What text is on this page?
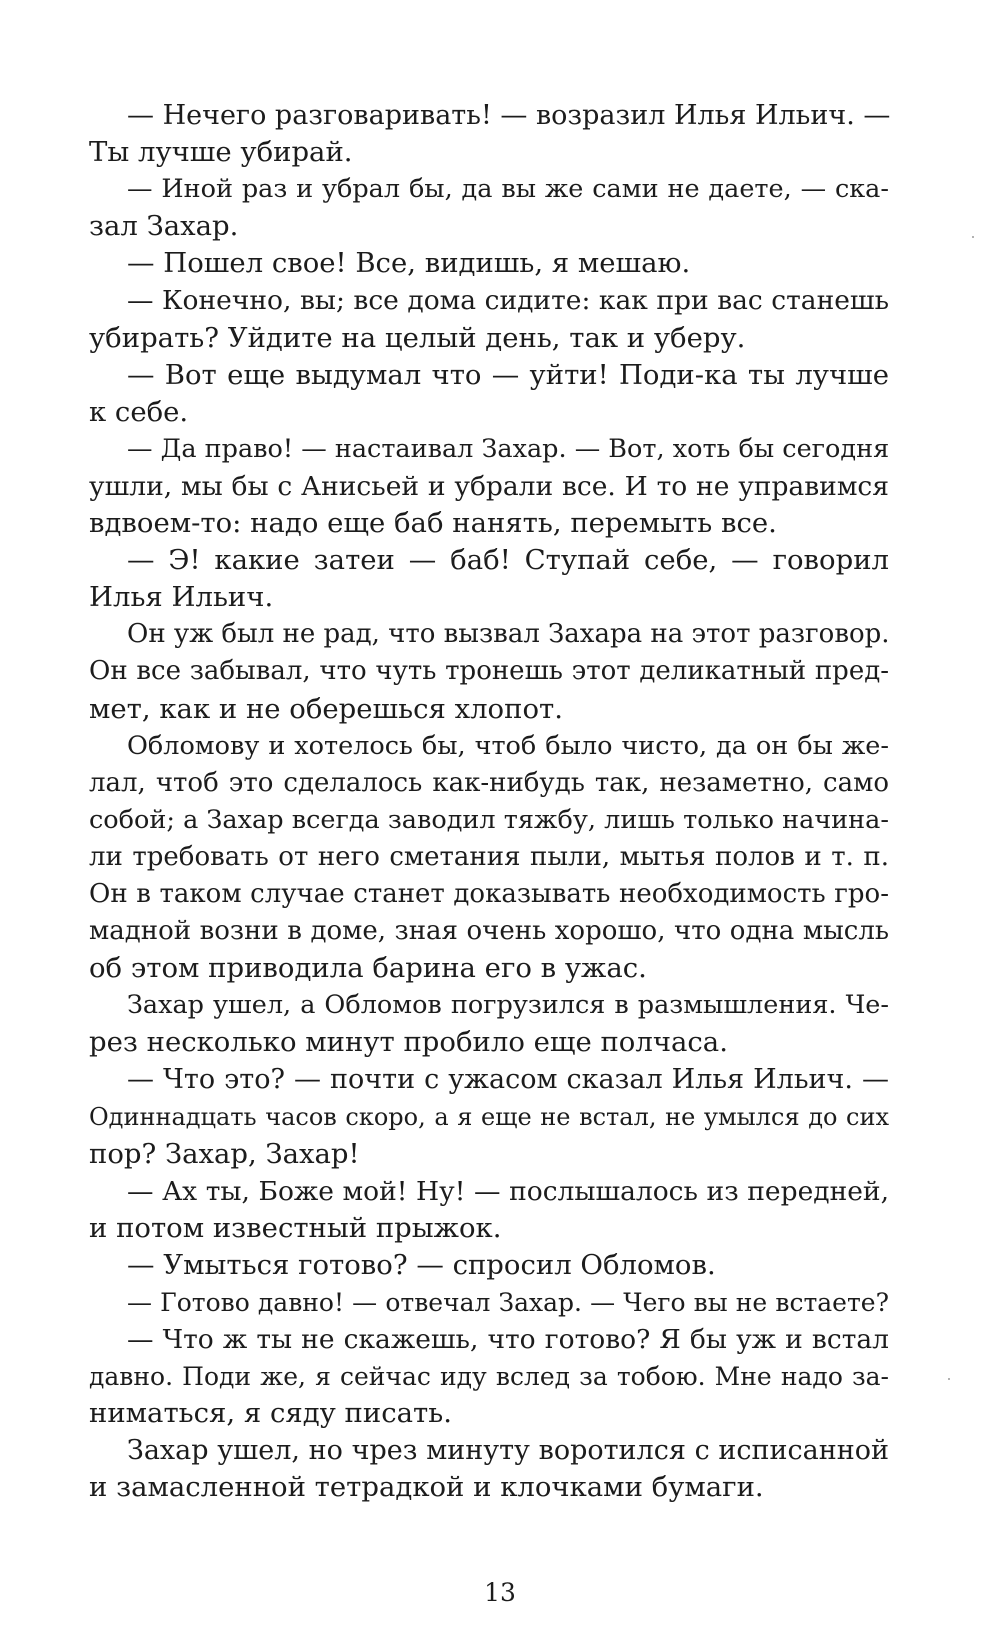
— Нечего разговаривать! — возразил Илья Ильич. —
Ты лучше убирай.
— Иной раз и убрал бы, да вы же сами не даете, — ска-
зал Захар.
— Пошел свое! Все, видишь, я мешаю.
— Конечно, вы; все дома сидите: как при вас станешь
убирать? Уйдите на целый день, так и уберу.
— Вот еще выдумал что — уйти! Поди-ка ты лучше
к себе.
— Да право! — настаивал Захар. — Вот, хоть бы сегодня
ушли, мы бы с Анисьей и убрали все. И то не управимся
вдвоем-то: надо еще баб нанять, перемыть все.
— Э! какие затеи — баб! Ступай себе, — говорил
Илья Ильич.
Он уж был не рад, что вызвал Захара на этот разговор.
Он все забывал, что чуть тронешь этот деликатный пред-
мет, как и не оберешься хлопот.
Обломову и хотелось бы, чтоб было чисто, да он бы же-
лал, чтоб это сделалось как-нибудь так, незаметно, само
собой; а Захар всегда заводил тяжбу, лишь только начина-
ли требовать от него сметания пыли, мытья полов и т. п.
Он в таком случае станет доказывать необходимость гро-
мадной возни в доме, зная очень хорошо, что одна мысль
об этом приводила барина его в ужас.
Захар ушел, а Обломов погрузился в размышления. Че-
рез несколько минут пробило еще полчаса.
— Что это? — почти с ужасом сказал Илья Ильич. —
Одиннадцать часов скоро, а я еще не встал, не умылся до сих
пор? Захар, Захар!
— Ах ты, Боже мой! Ну! — послышалось из передней,
и потом известный прыжок.
— Умыться готово? — спросил Обломов.
— Готово давно! — отвечал Захар. — Чего вы не встаете?
— Что ж ты не скажешь, что готово? Я бы уж и встал
давно. Поди же, я сейчас иду вслед за тобою. Мне надо за-
ниматься, я сяду писать.
Захар ушел, но чрез минуту воротился с исписанной
и замасленной тетрадкой и клочками бумаги.
13
